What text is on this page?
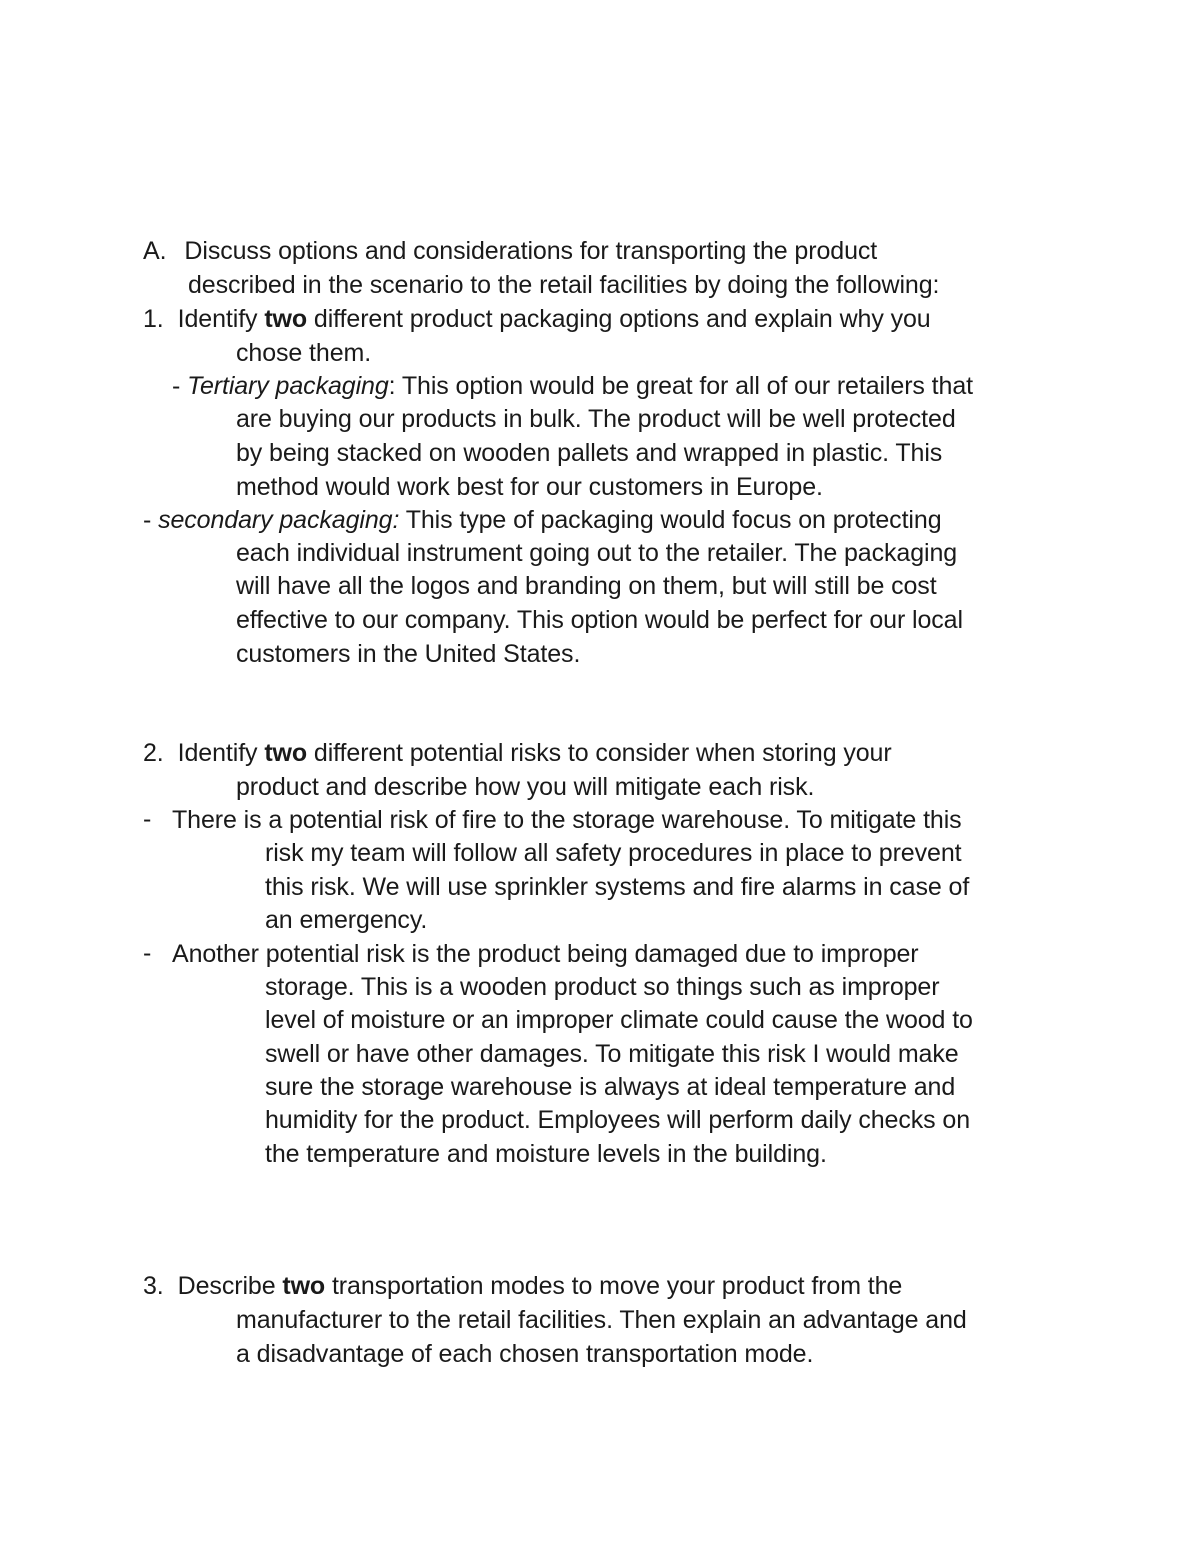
A. Discuss options and considerations for transporting the product
described in the scenario to the retail facilities by doing the following:
1. Identify two different product packaging options and explain why you
chose them.
- Tertiary packaging: This option would be great for all of our retailers that
are buying our products in bulk. The product will be well protected
by being stacked on wooden pallets and wrapped in plastic. This
method would work best for our customers in Europe.
- secondary packaging: This type of packaging would focus on protecting
each individual instrument going out to the retailer. The packaging
will have all the logos and branding on them, but will still be cost
effective to our company. This option would be perfect for our local
customers in the United States.
2. Identify two different potential risks to consider when storing your
product and describe how you will mitigate each risk.
- There is a potential risk of fire to the storage warehouse. To mitigate this
risk my team will follow all safety procedures in place to prevent
this risk. We will use sprinkler systems and fire alarms in case of
an emergency.
- Another potential risk is the product being damaged due to improper
storage. This is a wooden product so things such as improper
level of moisture or an improper climate could cause the wood to
swell or have other damages. To mitigate this risk I would make
sure the storage warehouse is always at ideal temperature and
humidity for the product. Employees will perform daily checks on
the temperature and moisture levels in the building.
3. Describe two transportation modes to move your product from the
manufacturer to the retail facilities. Then explain an advantage and
a disadvantage of each chosen transportation mode.
